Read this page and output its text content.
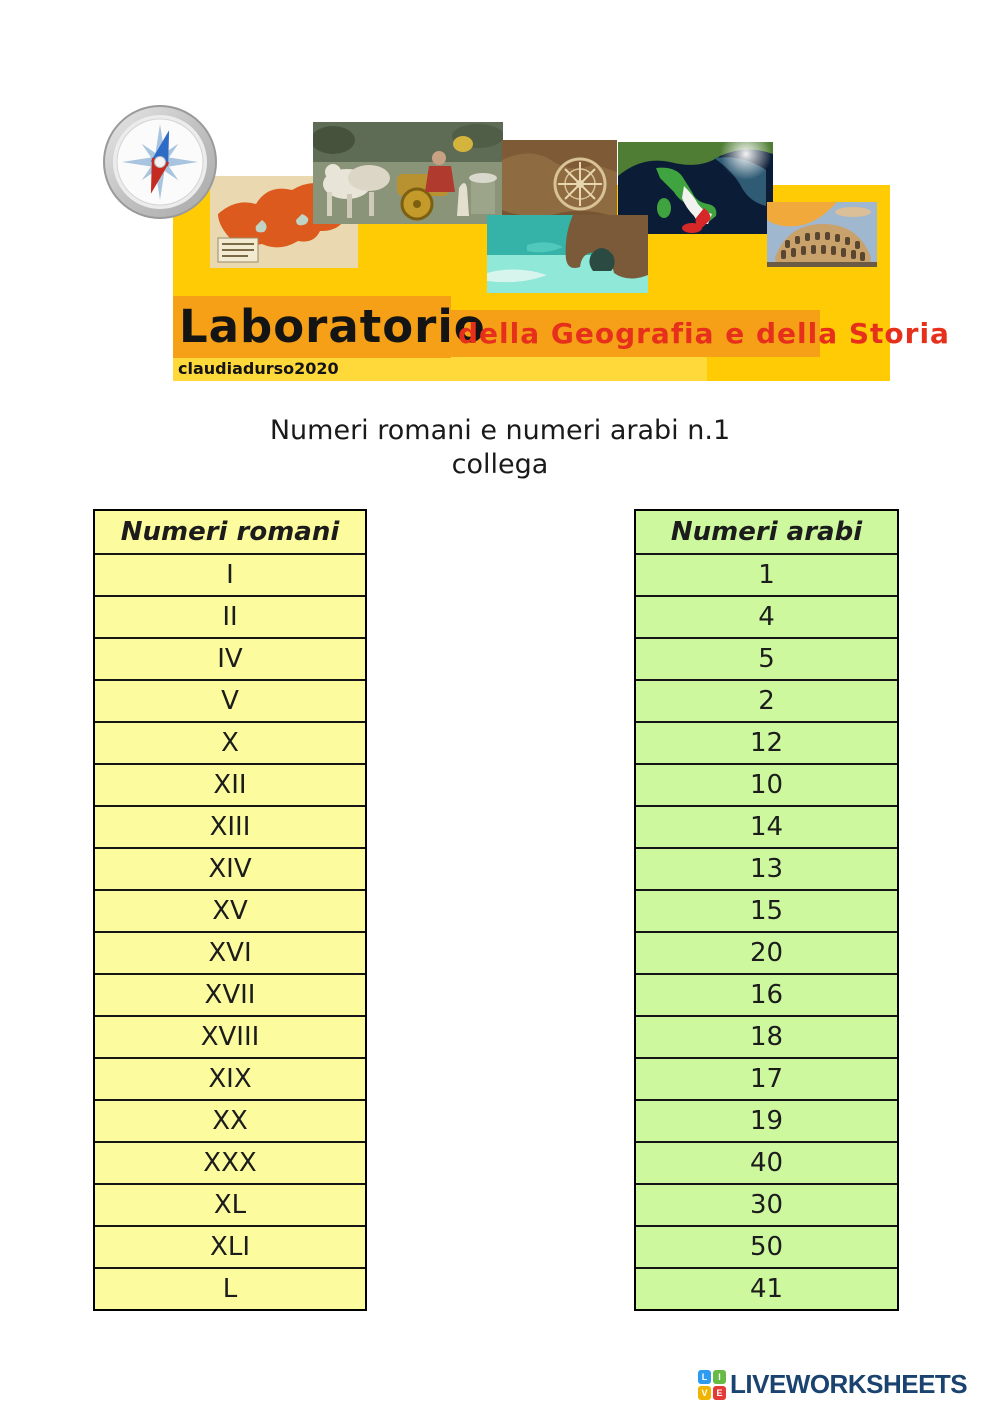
Laboratorio
della Geografia e della Storia
claudiadurso2020
Numeri romani e numeri arabi n.1
collega
Numeri romani
I
II
IV
V
X
XII
XIII
XIV
XV
XVI
XVII
XVIII
XIX
XX
XXX
XL
XLI
L
Numeri arabi
1
4
5
2
12
10
14
13
15
20
16
18
17
19
40
30
50
41
L	I
V E LIVEWORKSHEETS
